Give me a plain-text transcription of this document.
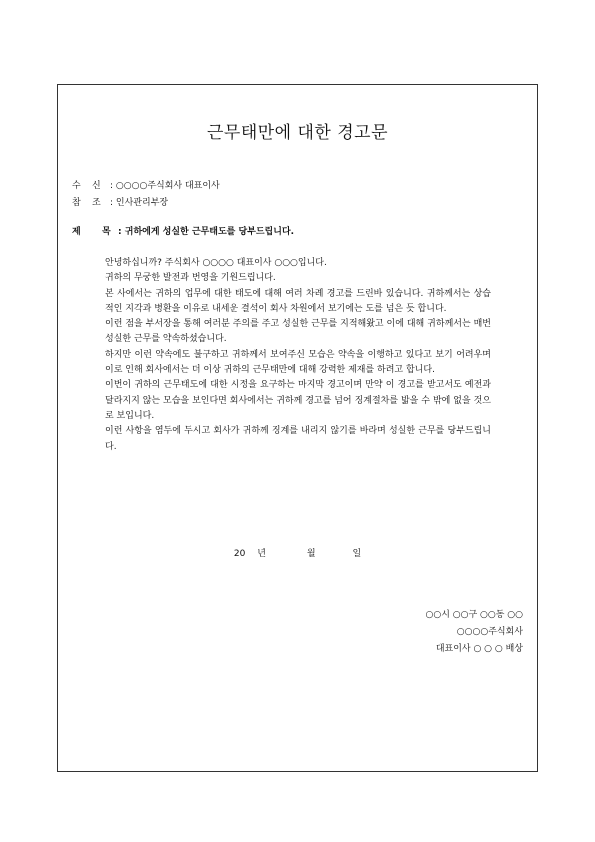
근무태만에 대한 경고문
수 신 : ○○○○주식회사 대표이사
참 조 : 인사관리부장
제 목 : 귀하에게 성실한 근무태도를 당부드립니다.

안녕하십니까? 주식회사 ○○○○ 대표이사 ○○○입니다.

귀하의 무궁한 발전과 번영을 기원드립니다.

본 사에서는 귀하의 업무에 대한 태도에 대해 여러 차례 경고를 드린바 있습니다. 귀하께서는 상습적인 지각과 병환을 이유로 내세운 결석이 회사 차원에서 보기에는 도를 넘은 듯 합니다.

이런 점을 부서장을 통해 여러분 주의를 주고 성실한 근무를 지적해왔고 이에 대해 귀하께서는 매번 성실한 근무를 약속하셨습니다.

하지만 이런 약속에도 불구하고 귀하께서 보여주신 모습은 약속을 이행하고 있다고 보기 어려우며 이로 인해 회사에서는 더 이상 귀하의 근무태만에 대해 강력한 제재를 하려고 합니다.

이번이 귀하의 근무태도에 대한 시정을 요구하는 마지막 경고이며 만약 이 경고를 받고서도 예전과 달라지지 않는 모습을 보인다면 회사에서는 귀하께 경고를 넘어 징계절차를 밟을 수 밖에 없을 것으로 보입니다.

이런 사항을 염두에 두시고 회사가 귀하께 징계를 내리지 않기를 바라며 성실한 근무를 당부드립니다.

20 년	월	일
○○시 ○○구 ○○동 ○○
○○○○주식회사
대표이사 ○ ○ ○ 배상
